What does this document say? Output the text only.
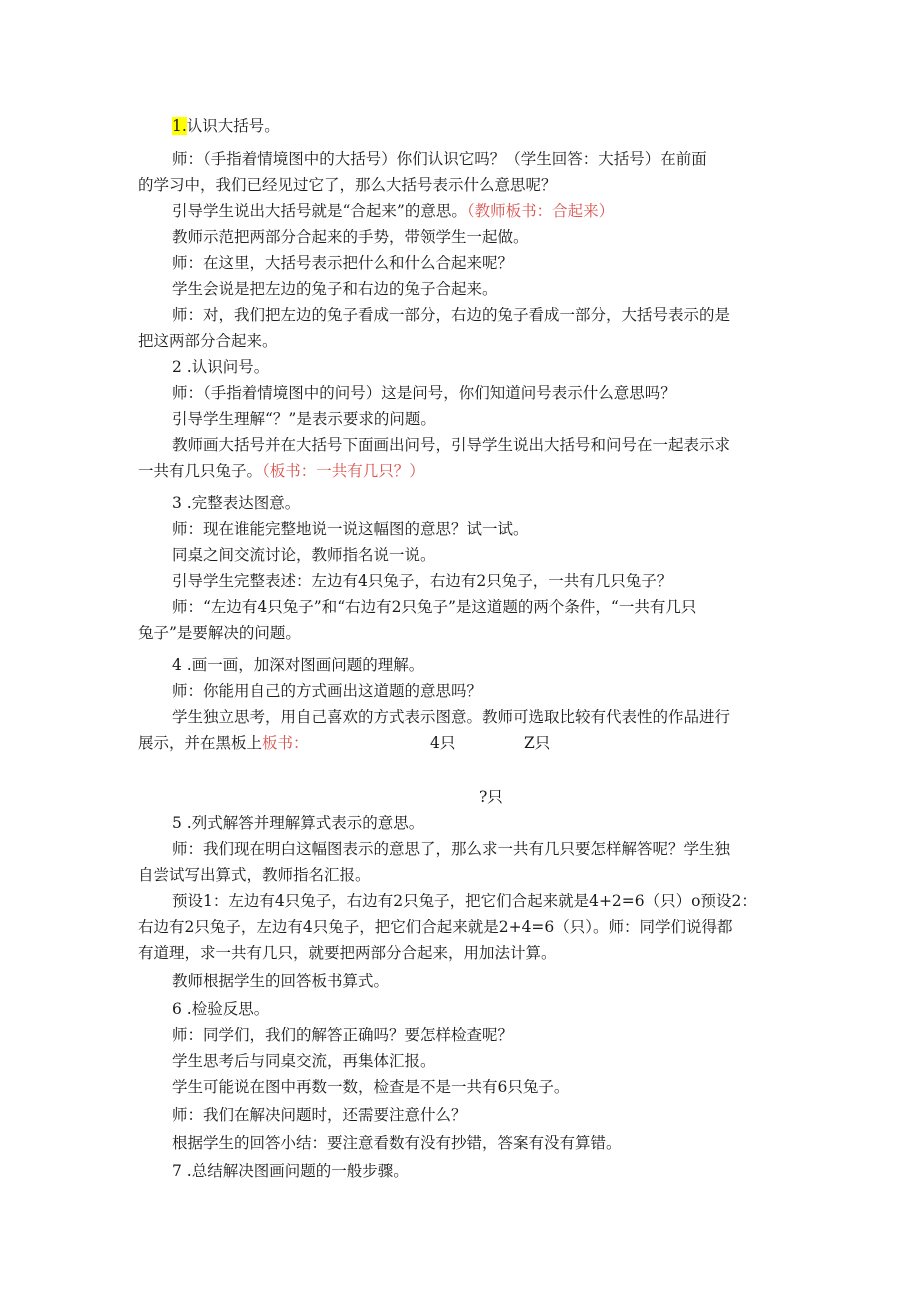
1.认识大括号。
师：（手指着情境图中的大括号）你们认识它吗？（学生回答：大括号）在前面
的学习中，我们已经见过它了，那么大括号表示什么意思呢？
引导学生说出大括号就是“合起来”的意思。（教师板书：合起来）
教师示范把两部分合起来的手势，带领学生一起做。
师：在这里，大括号表示把什么和什么合起来呢？
学生会说是把左边的兔子和右边的兔子合起来。
师：对，我们把左边的兔子看成一部分，右边的兔子看成一部分，大括号表示的是
把这两部分合起来。
2 .认识问号。
师：（手指着情境图中的问号）这是问号，你们知道问号表示什么意思吗？
引导学生理解“？”是表示要求的问题。
教师画大括号并在大括号下面画出问号，引导学生说出大括号和问号在一起表示求
一共有几只兔子。（板书：一共有几只？）
3 .完整表达图意。
师：现在谁能完整地说一说这幅图的意思？试一试。
同桌之间交流讨论，教师指名说一说。
引导学生完整表述：左边有4只兔子，右边有2只兔子，一共有几只兔子？
师：“左边有4只兔子”和“右边有2只兔子”是这道题的两个条件，“一共有几只
兔子”是要解决的问题。
4 .画一画，加深对图画问题的理解。
师：你能用自己的方式画出这道题的意思吗？
学生独立思考，用自己喜欢的方式表示图意。教师可选取比较有代表性的作品进行
展示，并在黑板上板书：	4只	Z只
?只
5 .列式解答并理解算式表示的意思。
师：我们现在明白这幅图表示的意思了，那么求一共有几只要怎样解答呢？学生独
自尝试写出算式，教师指名汇报。
预设1：左边有4只兔子，右边有2只兔子，把它们合起来就是4+2=6（只）o预设2：
右边有2只兔子，左边有4只兔子，把它们合起来就是2+4=6（只）。师：同学们说得都
有道理，求一共有几只，就要把两部分合起来，用加法计算。
教师根据学生的回答板书算式。
6 .检验反思。
师：同学们，我们的解答正确吗？要怎样检查呢？
学生思考后与同桌交流，再集体汇报。
学生可能说在图中再数一数，检查是不是一共有6只兔子。
师：我们在解决问题时，还需要注意什么？
根据学生的回答小结：要注意看数有没有抄错，答案有没有算错。
7 .总结解决图画问题的一般步骤。
